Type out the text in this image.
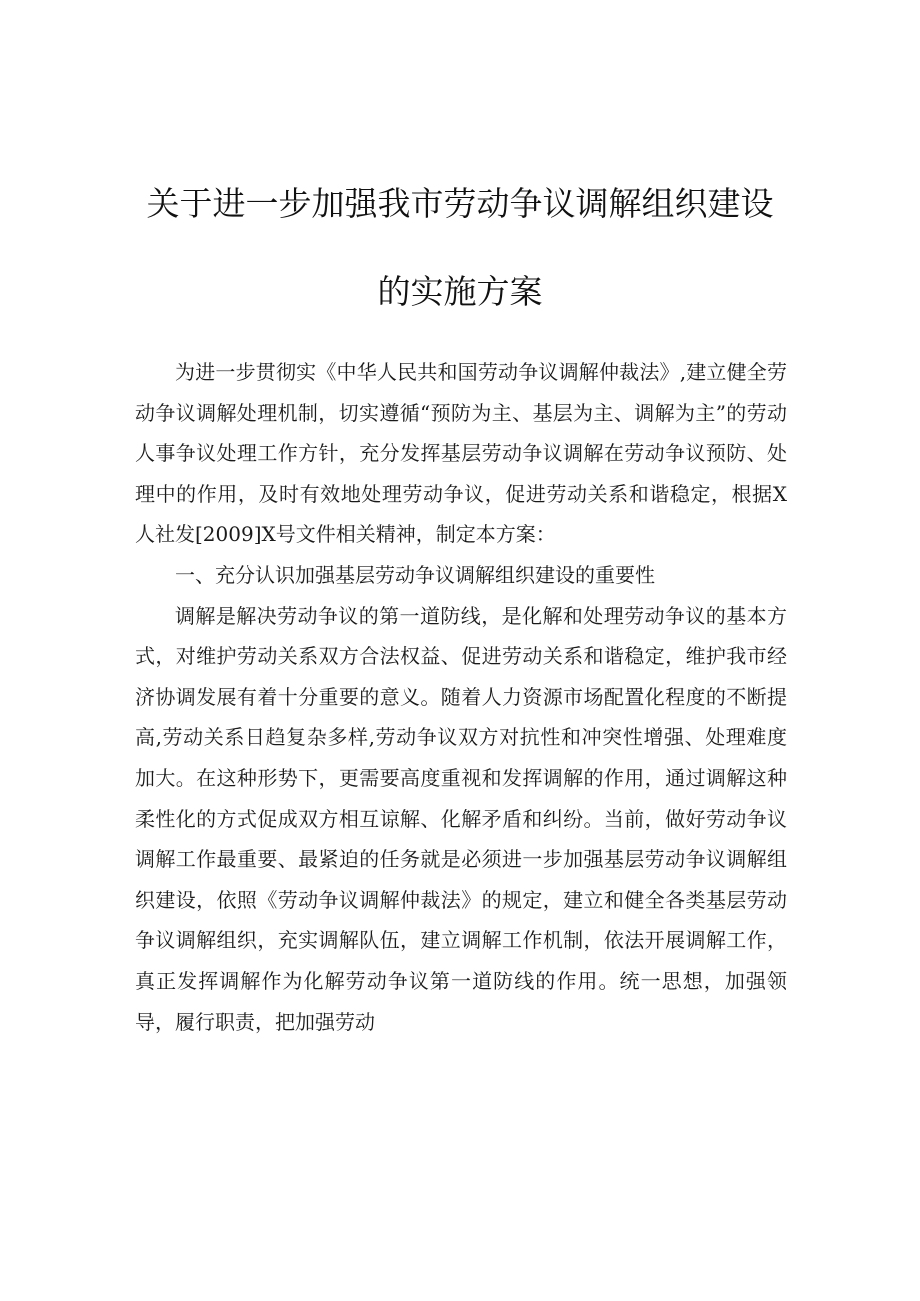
关于进一步加强我市劳动争议调解组织建设
的实施方案

为进一步贯彻实《中华人民共和国劳动争议调解仲裁法》,建立健全劳动争议调解处理机制，切实遵循“预防为主、基层为主、调解为主”的劳动人事争议处理工作方针，充分发挥基层劳动争议调解在劳动争议预防、处理中的作用，及时有效地处理劳动争议，促进劳动关系和谐稳定，根据X人社发[2009]X号文件相关精神，制定本方案：

一、充分认识加强基层劳动争议调解组织建设的重要性

调解是解决劳动争议的第一道防线，是化解和处理劳动争议的基本方式，对维护劳动关系双方合法权益、促进劳动关系和谐稳定，维护我市经济协调发展有着十分重要的意义。随着人力资源市场配置化程度的不断提高,劳动关系日趋复杂多样,劳动争议双方对抗性和冲突性增强、处理难度加大。在这种形势下，更需要高度重视和发挥调解的作用，通过调解这种柔性化的方式促成双方相互谅解、化解矛盾和纠纷。当前，做好劳动争议调解工作最重要、最紧迫的任务就是必须进一步加强基层劳动争议调解组织建设，依照《劳动争议调解仲裁法》的规定，建立和健全各类基层劳动争议调解组织，充实调解队伍，建立调解工作机制，依法开展调解工作，真正发挥调解作为化解劳动争议第一道防线的作用。统一思想，加强领导，履行职责，把加强劳动
